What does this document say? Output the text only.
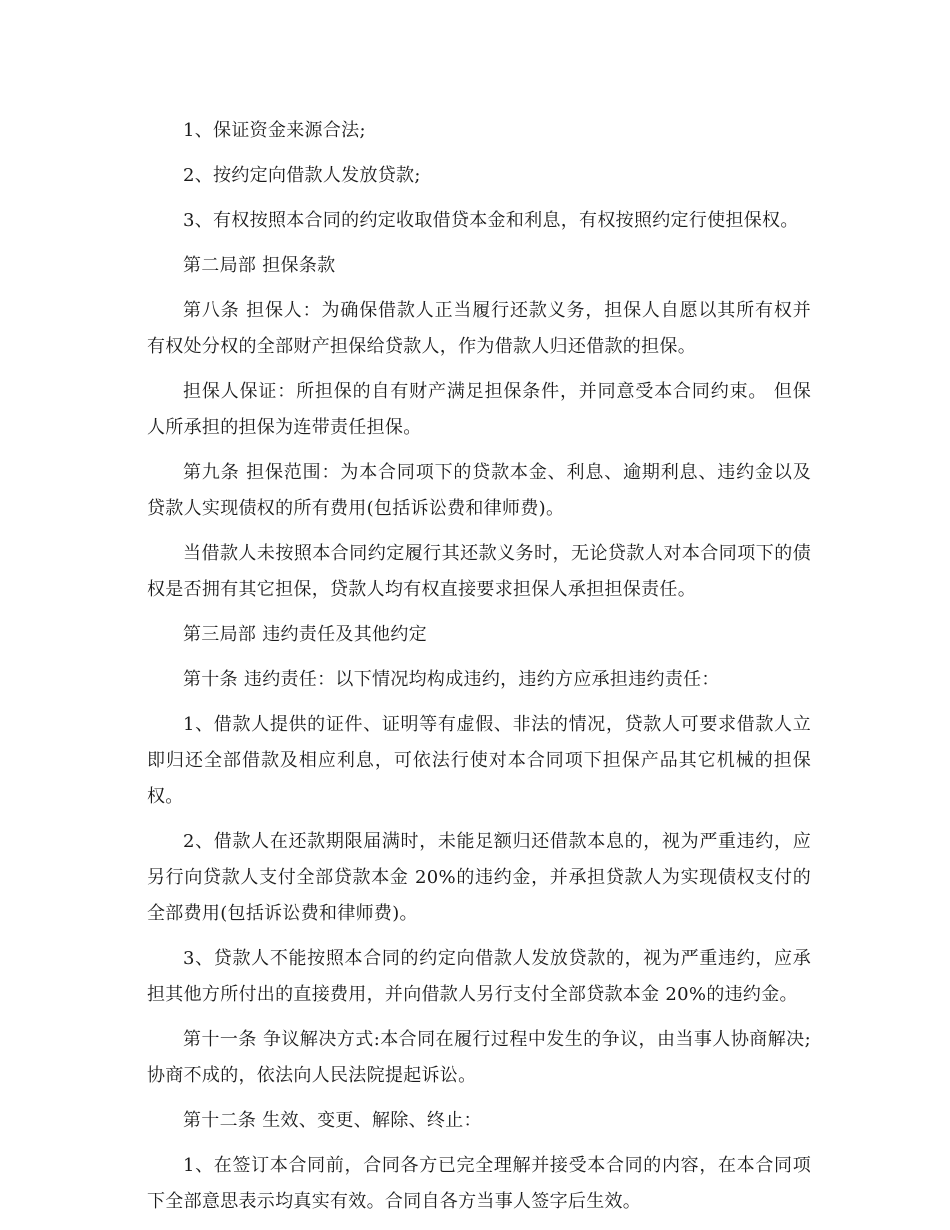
1、保证资金来源合法;

2、按约定向借款人发放贷款;

3、有权按照本合同的约定收取借贷本金和利息，有权按照约定行使担保权。

第二局部 担保条款

第八条 担保人：为确保借款人正当履行还款义务，担保人自愿以其所有权并有权处分权的全部财产担保给贷款人，作为借款人归还借款的担保。

担保人保证：所担保的自有财产满足担保条件，并同意受本合同约束。 但保人所承担的担保为连带责任担保。

第九条 担保范围：为本合同项下的贷款本金、利息、逾期利息、违约金以及贷款人实现债权的所有费用(包括诉讼费和律师费)。

当借款人未按照本合同约定履行其还款义务时，无论贷款人对本合同项下的债权是否拥有其它担保，贷款人均有权直接要求担保人承担担保责任。

第三局部 违约责任及其他约定

第十条 违约责任：以下情况均构成违约，违约方应承担违约责任：

1、借款人提供的证件、证明等有虚假、非法的情况，贷款人可要求借款人立即归还全部借款及相应利息，可依法行使对本合同项下担保产品其它机械的担保权。

2、借款人在还款期限届满时，未能足额归还借款本息的，视为严重违约，应另行向贷款人支付全部贷款本金 20%的违约金，并承担贷款人为实现债权支付的全部费用(包括诉讼费和律师费)。

3、贷款人不能按照本合同的约定向借款人发放贷款的，视为严重违约，应承担其他方所付出的直接费用，并向借款人另行支付全部贷款本金 20%的违约金。

第十一条 争议解决方式:本合同在履行过程中发生的争议，由当事人协商解决;协商不成的，依法向人民法院提起诉讼。

第十二条 生效、变更、解除、终止：

1、在签订本合同前，合同各方已完全理解并接受本合同的内容，在本合同项下全部意思表示均真实有效。合同自各方当事人签字后生效。
